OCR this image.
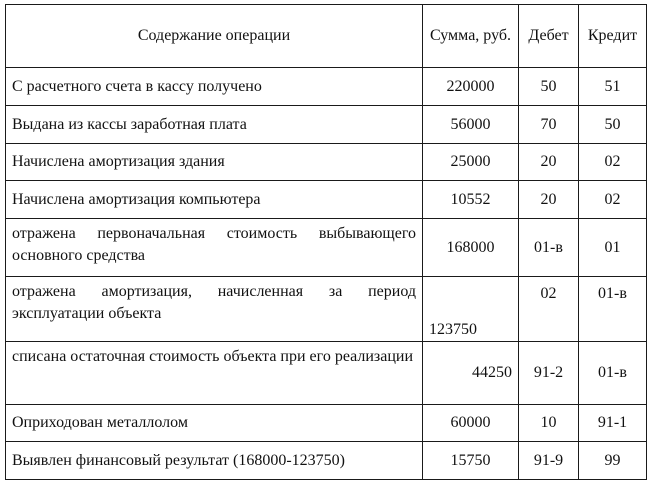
Содержание операции	Сумма, руб.	Дебет	Кредит
С расчетного счета в кассу получено	220000	50	51
Выдана из кассы заработная плата	56000	70	50
Начислена амортизация здания	25000	20	02
Начислена амортизация компьютера	10552	20	02
отражена первоначальная стоимость выбывающего основного средства	168000	01-в	01
отражена амортизация, начисленная за период эксплуатации объекта	123750	02	01-в
списана остаточная стоимость объекта при его реализации	44250	91-2	01-в
Оприходован металлолом	60000	10	91-1
Выявлен финансовый результат (168000-123750)	15750	91-9	99
